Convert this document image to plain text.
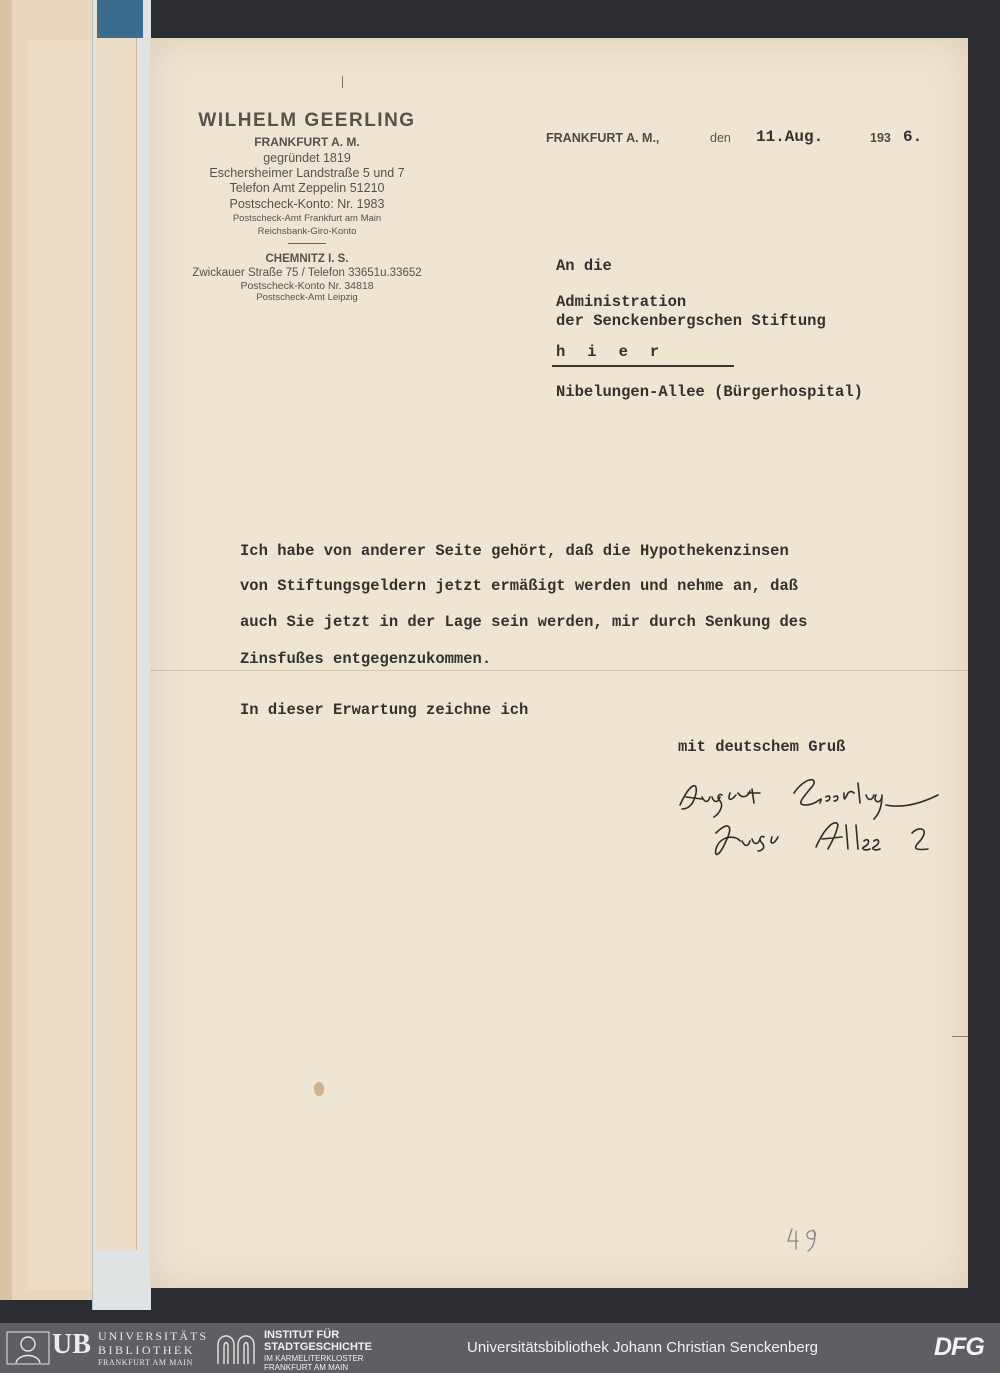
WILHELM GEERLING
FRANKFURT A. M.
gegründet 1819
Eschersheimer Landstraße 5 und 7
Telefon Amt Zeppelin 51210
Postscheck-Konto: Nr. 1983
Postscheck-Amt Frankfurt am Main
Reichsbank-Giro-Konto
CHEMNITZ I. S.
Zwickauer Straße 75 / Telefon 33651u.33652
Postscheck-Konto Nr. 34818
Postscheck-Amt Leipzig
FRANKFURT A. M.,	den 11.Aug.	193 6.
An die
Administration
der Senckenbergschen Stiftung
hier
Nibelungen-Allee (Bürgerhospital)
Ich habe von anderer Seite gehört, daß die Hypothekenzinsen
von Stiftungsgeldern jetzt ermäßigt werden und nehme an, daß
auch Sie jetzt in der Lage sein werden, mir durch Senkung des
Zinsfußes entgegenzukommen.
In dieser Erwartung zeichne ich
mit deutschem Gruß
UB UNIVERSITÄTS
BIBLIOTHEK
FRANKFURT AM MAIN
INSTITUT FÜR
STADTGESCHICHTE
IM KARMELITERKLOSTER
FRANKFURT AM MAIN
Universitätsbibliothek Johann Christian Senckenberg	DFG
